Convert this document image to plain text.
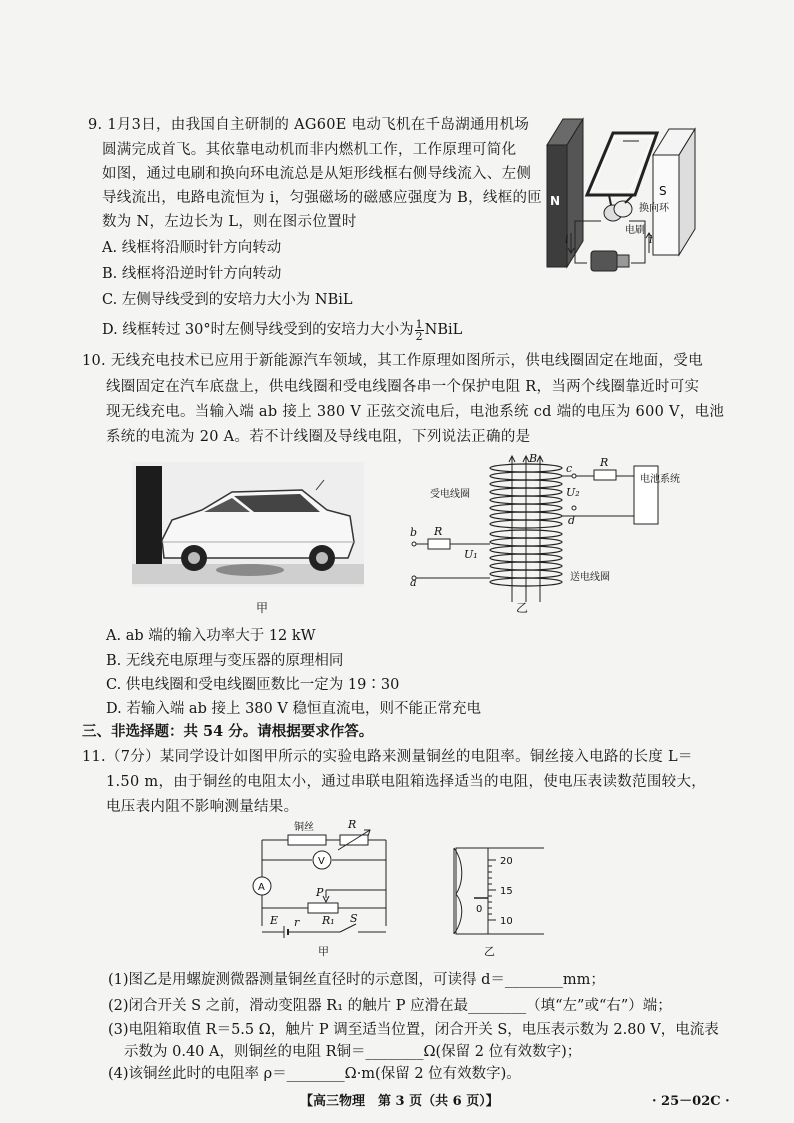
9. 1月3日，由我国自主研制的 AG60E 电动飞机在千岛湖通用机场
圆满完成首飞。其依靠电动机而非内燃机工作，工作原理可简化
如图，通过电刷和换向环电流总是从矩形线框右侧导线流入、左侧
导线流出，电路电流恒为 i，匀强磁场的磁感应强度为 B，线框的匝
数为 N，左边长为 L，则在图示位置时
A. 线框将沿顺时针方向转动
B. 线框将沿逆时针方向转动
C. 左侧导线受到的安培力大小为 NBiL
D. 线框转过 30°时左侧导线受到的安培力大小为 $\frac{1}{2}$ NBiL
N
S
换向环
电刷
i	i
10. 无线充电技术已应用于新能源汽车领域，其工作原理如图所示，供电线圈固定在地面，受电
线圈固定在汽车底盘上，供电线圈和受电线圈各串一个保护电阻 R，当两个线圈靠近时可实
现无线充电。当输入端 ab 接上 380 V 正弦交流电后，电池系统 cd 端的电压为 600 V，电池
系统的电流为 20 A。若不计线圈及导线电阻，下列说法正确的是
甲
B
受电线圈
送电线圈
电池系统
R
c
U₂
d
b
a
R
U₁
乙
A. ab 端的输入功率大于 12 kW
B. 无线充电原理与变压器的原理相同
C. 供电线圈和受电线圈匝数比一定为 19∶30
D. 若输入端 ab 接上 380 V 稳恒直流电，则不能正常充电
三、非选择题：共 54 分。请根据要求作答。
11.（7分）某同学设计如图甲所示的实验电路来测量铜丝的电阻率。铜丝接入电路的长度 L＝
1.50 m，由于铜丝的电阻太小，通过串联电阻箱选择适当的电阻，使电压表读数范围较大，
电压表内阻不影响测量结果。
铜丝	R
V
A	P
R₁
E r	S
甲
20
15
10
0
乙
(1)图乙是用螺旋测微器测量铜丝直径时的示意图，可读得 d＝________mm；
(2)闭合开关 S 之前，滑动变阻器 R₁ 的触片 P 应滑在最________（填“左”或“右”）端；
(3)电阻箱取值 R＝5.5 Ω，触片 P 调至适当位置，闭合开关 S，电压表示数为 2.80 V，电流表
示数为 0.40 A，则铜丝的电阻 R铜＝________Ω(保留 2 位有效数字)；
(4)该铜丝此时的电阻率 ρ＝________Ω·m(保留 2 位有效数字)。
【高三物理　第 3 页（共 6 页）】	· 25－02C ·
